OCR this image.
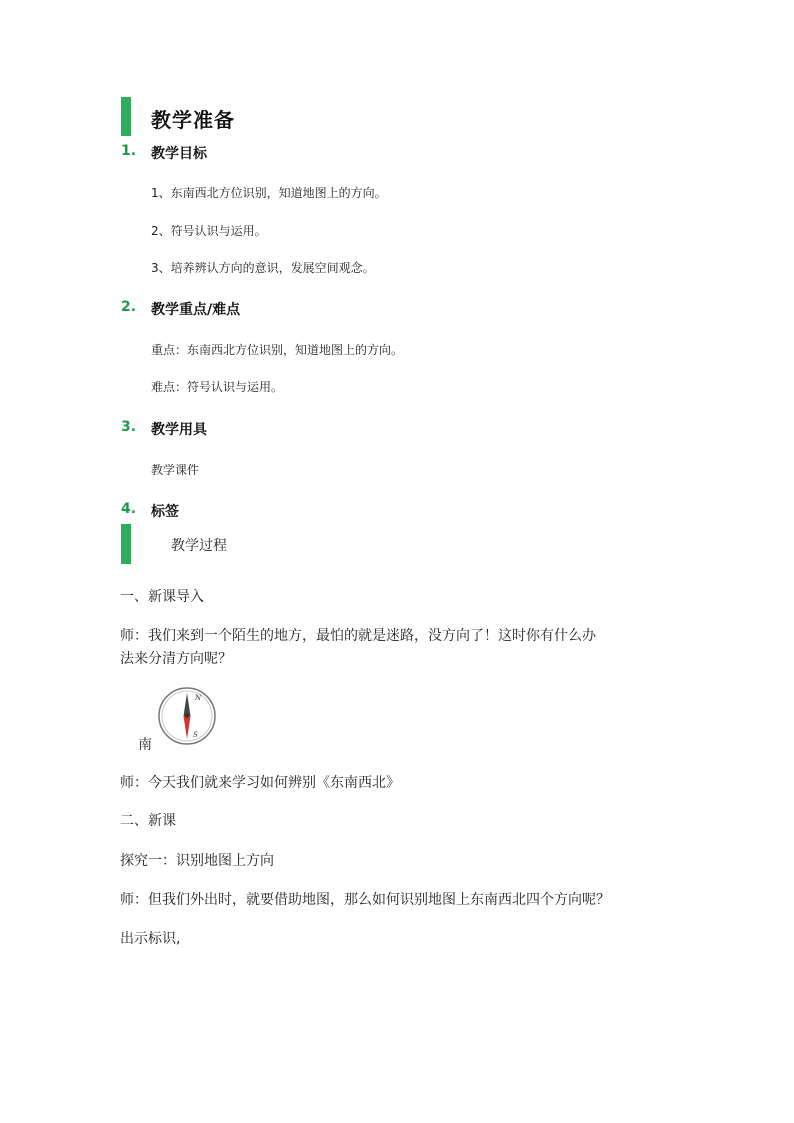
教学准备
1. 教学目标
1、东南西北方位识别，知道地图上的方向。
2、符号认识与运用。
3、培养辨认方向的意识，发展空间观念。
2. 教学重点/难点
重点：东南西北方位识别，知道地图上的方向。
难点：符号认识与运用。
3. 教学用具
教学课件
4. 标签
教学过程
一、新课导入
师：我们来到一个陌生的地方，最怕的就是迷路，没方向了！这时你有什么办
法来分清方向呢？
南
N
S
师：今天我们就来学习如何辨别《东南西北》
二、新课
探究一：识别地图上方向
师：但我们外出时，就要借助地图，那么如何识别地图上东南西北四个方向呢？
出示标识,
